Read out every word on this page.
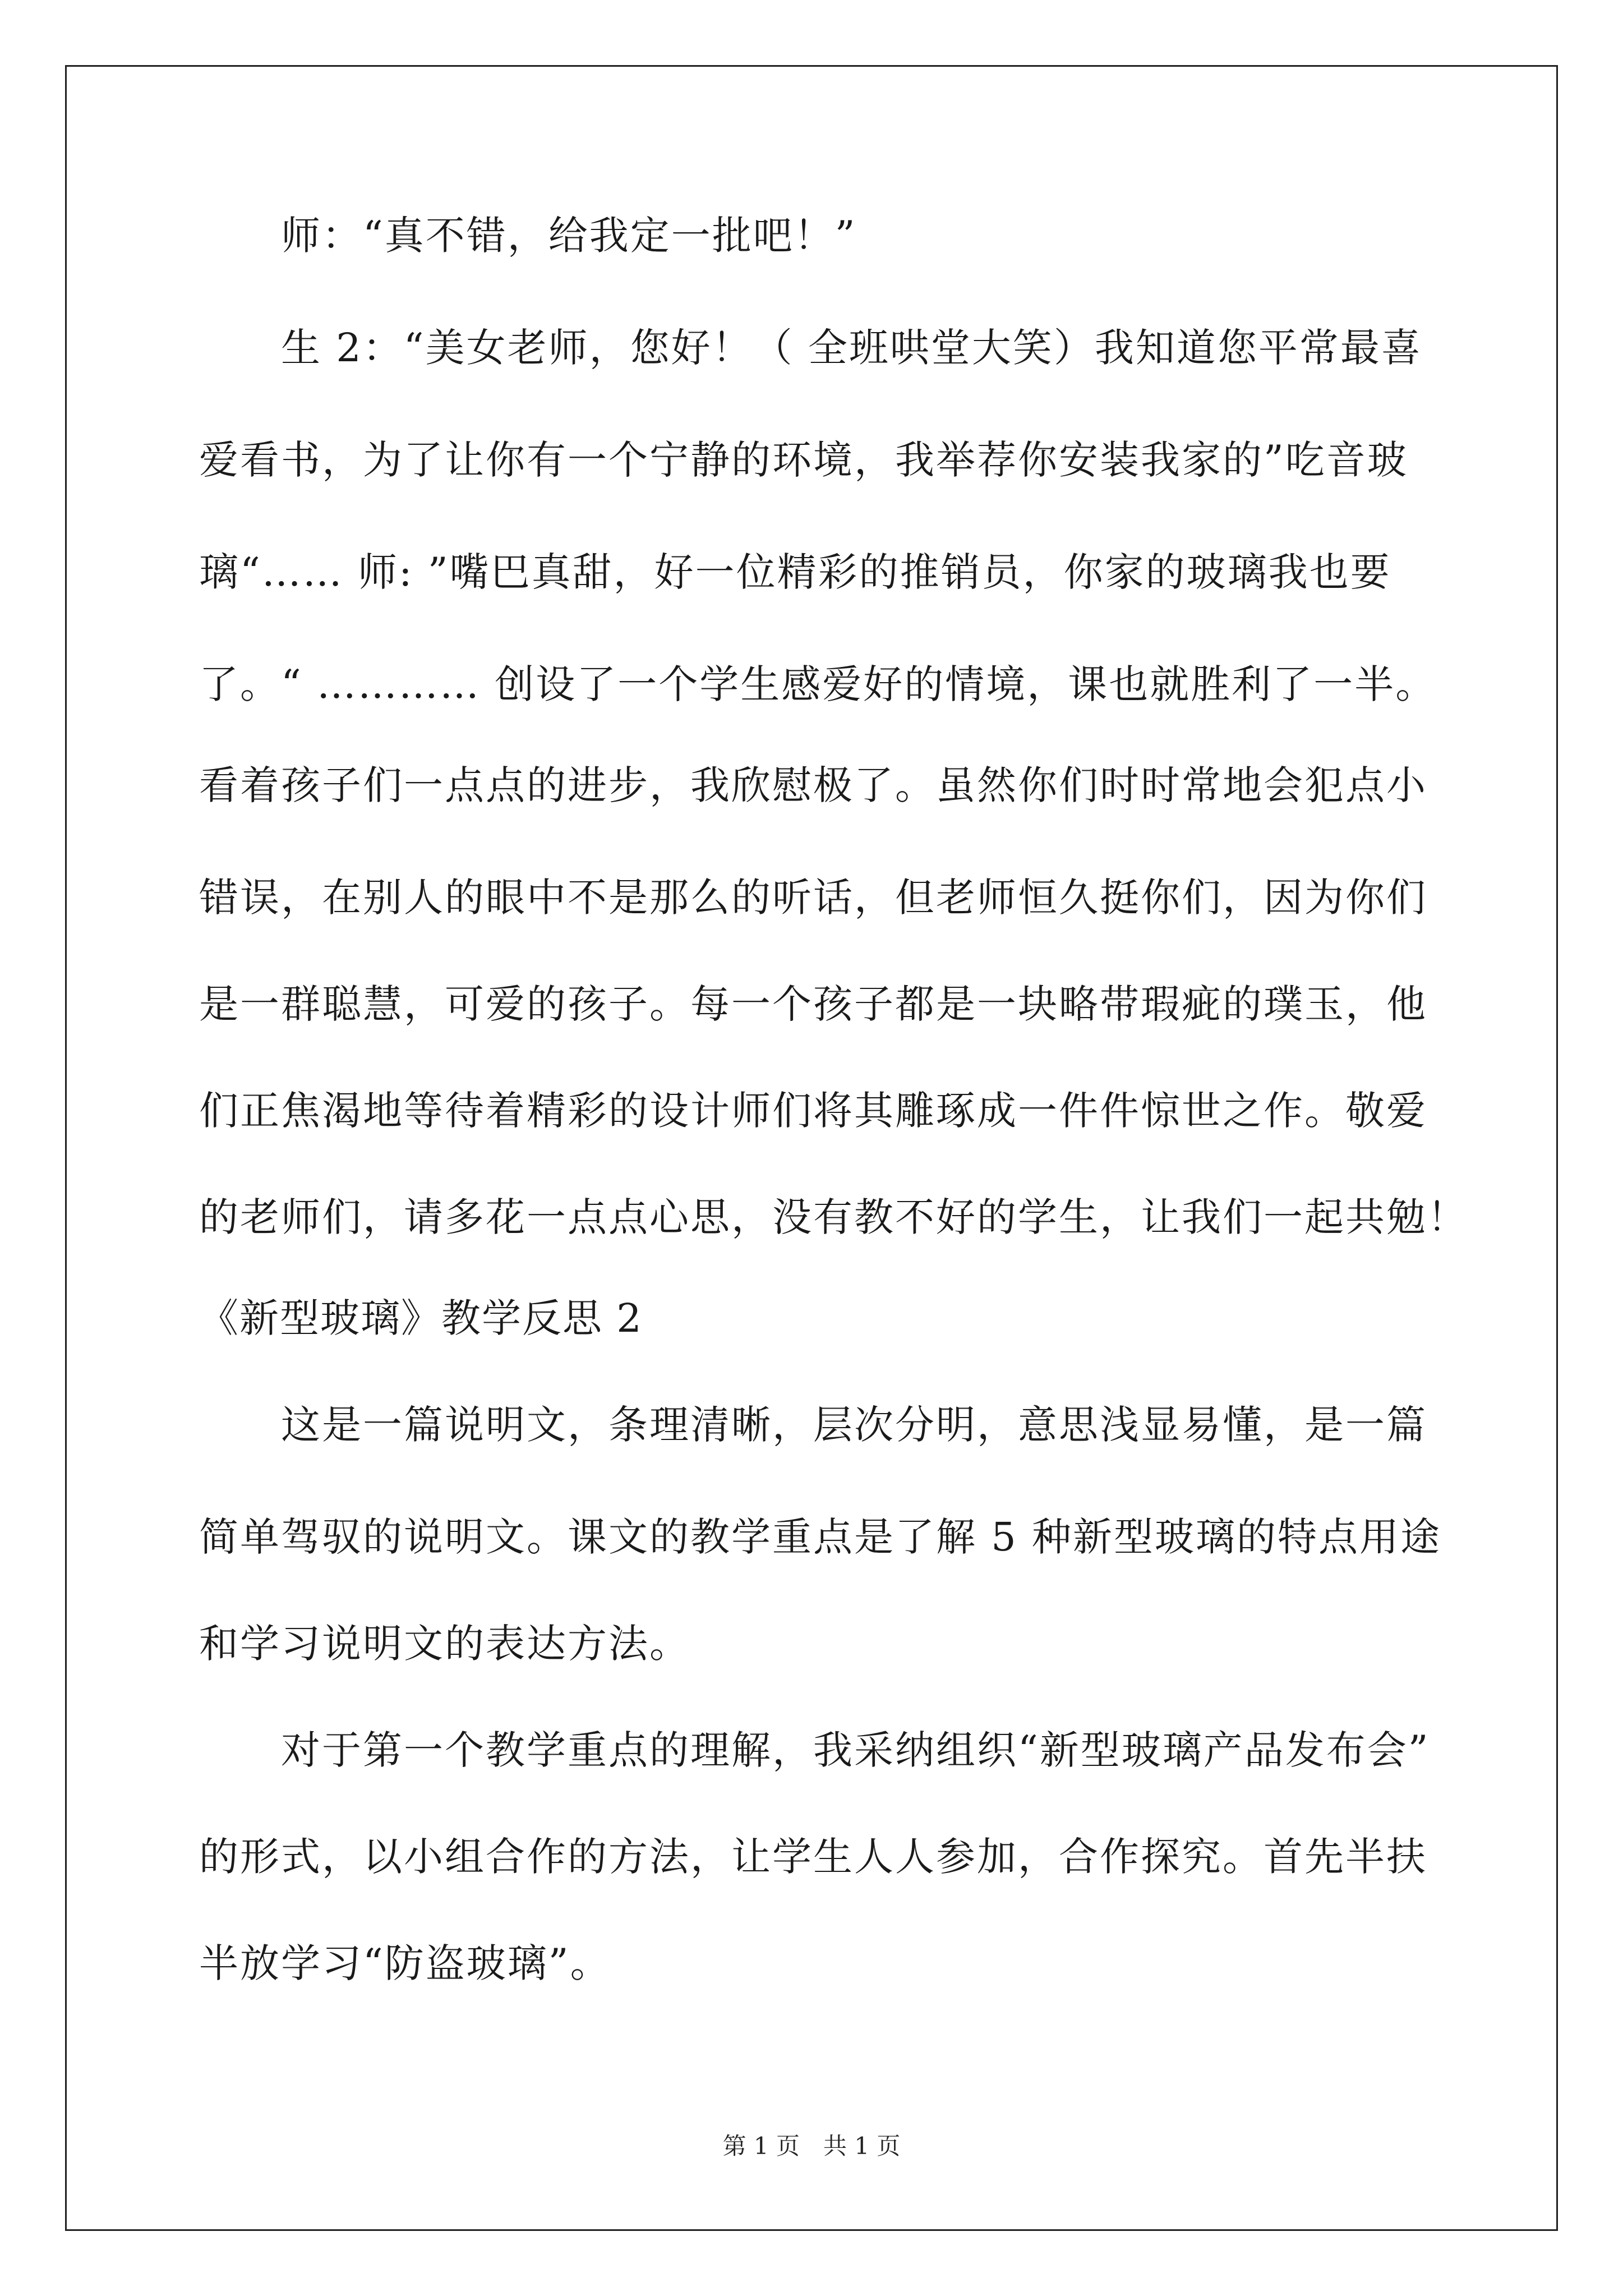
师：“真不错，给我定一批吧！”
生 2：“美女老师，您好！（ 全班哄堂大笑）我知道您平常最喜
爱看书，为了让你有一个宁静的环境，我举荐你安装我家的”吃音玻
璃“…… 师: ”嘴巴真甜，好一位精彩的推销员，你家的玻璃我也要
了。“ ………… 创设了一个学生感爱好的情境，课也就胜利了一半。
看着孩子们一点点的进步，我欣慰极了。虽然你们时时常地会犯点小
错误，在别人的眼中不是那么的听话，但老师恒久挺你们，因为你们
是一群聪慧，可爱的孩子。每一个孩子都是一块略带瑕疵的璞玉，他
们正焦渴地等待着精彩的设计师们将其雕琢成一件件惊世之作。敬爱
的老师们，请多花一点点心思，没有教不好的学生，让我们一起共勉！
《新型玻璃》教学反思 2
这是一篇说明文，条理清晰，层次分明，意思浅显易懂，是一篇
简单驾驭的说明文。课文的教学重点是了解 5 种新型玻璃的特点用途
和学习说明文的表达方法。
对于第一个教学重点的理解，我采纳组织“新型玻璃产品发布会”
的形式，以小组合作的方法，让学生人人参加，合作探究。首先半扶
半放学习“防盗玻璃”。
第 1 页　共 1 页
